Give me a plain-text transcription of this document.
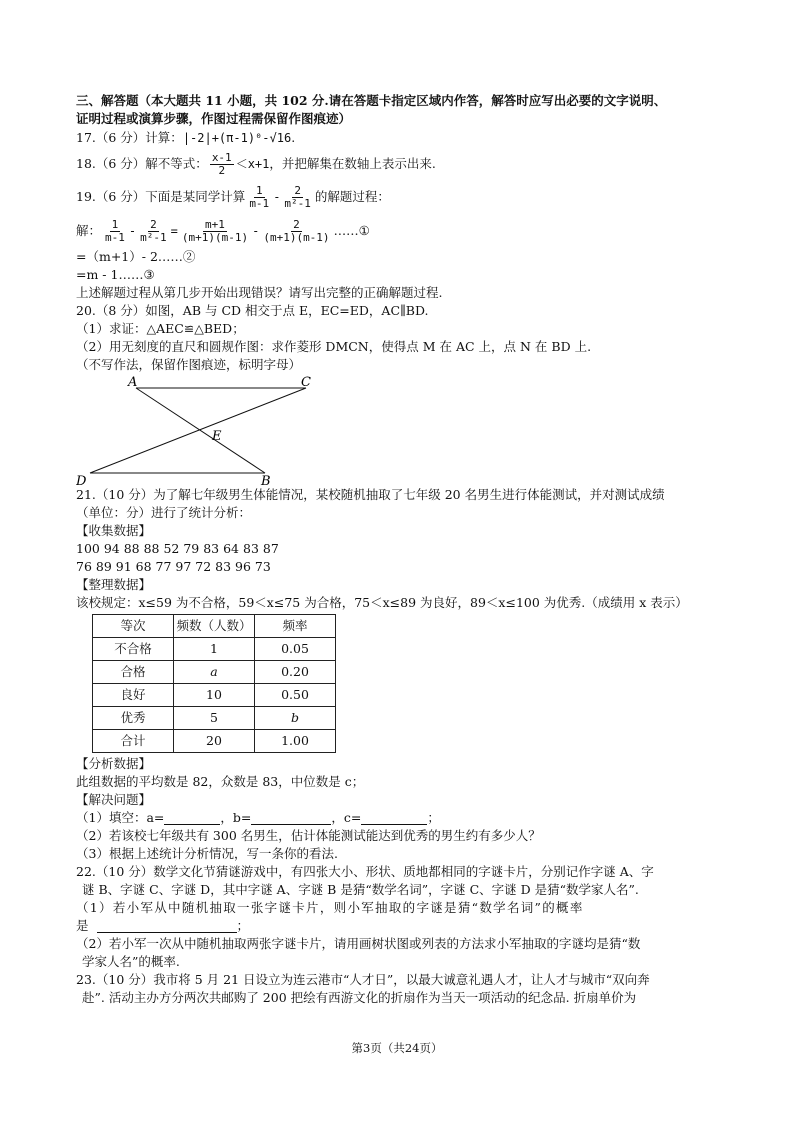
三、解答题（本大题共 11 小题，共 102 分.请在答题卡指定区域内作答，解答时应写出必要的文字说明、
证明过程或演算步骤，作图过程需保留作图痕迹）
17.（6 分）计算： |-2|+(π-1)⁰-√16 .
18.（6 分）解不等式： $\frac{x-1}{2} <x+1$ ，并把解集在数轴上表示出来.
19.（6 分）下面是某同学计算 $\frac{1}{m-1} - \frac{2}{\text{m²-1}}$ 的解题过程：
解： $\frac{1}{m-1} - \frac{2}{\text{m²-1}} = \frac{m+1}{(m+1)(m-1)} - \frac{2}{(m+1)(m-1)}$ ……①
=（m+1）- 2……②
=m - 1……③
上述解题过程从第几步开始出现错误？请写出完整的正确解题过程.
20.（8 分）如图，AB 与 CD 相交于点 E，EC=ED，AC∥BD.
（1）求证：△AEC≌△BED；
（2）用无刻度的直尺和圆规作图：求作菱形 DMCN，使得点 M 在 AC 上，点 N 在 BD 上.
（不写作法，保留作图痕迹，标明字母）
A	C
E
D	B
21.（10 分）为了解七年级男生体能情况，某校随机抽取了七年级 20 名男生进行体能测试，并对测试成绩
（单位：分）进行了统计分析：
【收集数据】
100 94 88 88 52 79 83 64 83 87
76 89 91 68 77 97 72 83 96 73
【整理数据】
该校规定：x≤59 为不合格，59＜x≤75 为合格，75＜x≤89 为良好，89＜x≤100 为优秀.（成绩用 x 表示）
等次	频数（人数）	频率
不合格	1	0.05
合格	a	0.20
良好	10	0.50
优秀	5	b
合计	20	1.00
【分析数据】
此组数据的平均数是 82，众数是 83，中位数是 c；
【解决问题】
（1）填空：a=	，b=	，c=	；
（2）若该校七年级共有 300 名男生，估计体能测试能达到优秀的男生约有多少人？
（3）根据上述统计分析情况，写一条你的看法.
22.（10 分）数学文化节猜谜游戏中，有四张大小、形状、质地都相同的字谜卡片，分别记作字谜 A、字
谜 B、字谜 C、字谜 D，其中字谜 A、字谜 B 是猜“数学名词”，字谜 C、字谜 D 是猜“数学家人名”.
（1）若小军从中随机抽取一张字谜卡片，则小军抽取的字谜是猜“数学名词”的概率
是	；
（2）若小军一次从中随机抽取两张字谜卡片，请用画树状图或列表的方法求小军抽取的字谜均是猜“数
学家人名”的概率.
23.（10 分）我市将 5 月 21 日设立为连云港市“人才日”，以最大诚意礼遇人才，让人才与城市“双向奔
赴”. 活动主办方分两次共邮购了 200 把绘有西游文化的折扇作为当天一项活动的纪念品. 折扇单价为
第3页（共24页）
